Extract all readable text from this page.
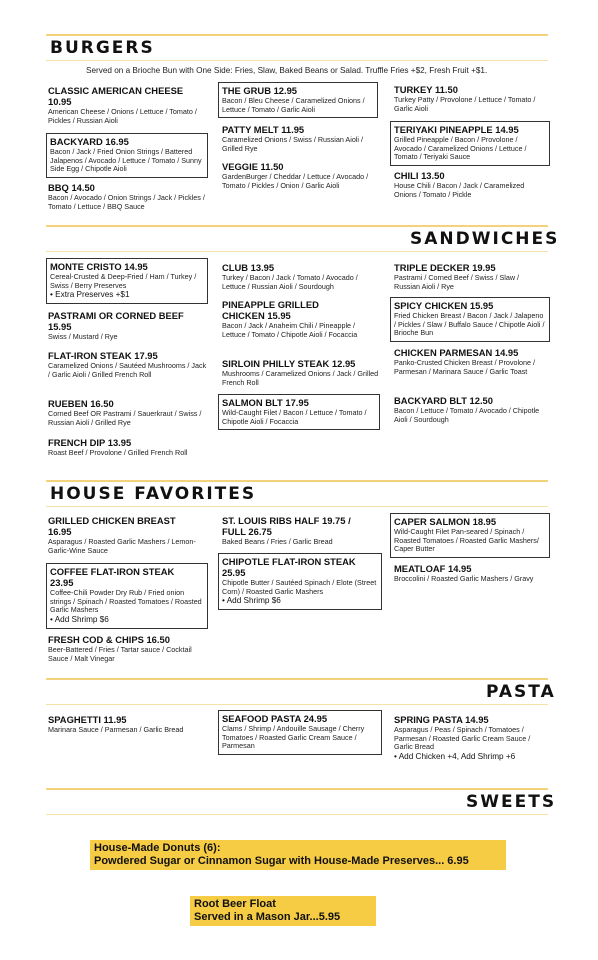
BURGERS
Served on a Brioche Bun with One Side: Fries, Slaw, Baked Beans or Salad. Truffle Fries +$2, Fresh Fruit +$1.
CLASSIC AMERICAN CHEESE
10.95
American Cheese / Onions / Lettuce / Tomato / Pickles / Russian Aioli
BACKYARD 16.95
Bacon / Jack / Fried Onion Strings / Battered Jalapenos / Avocado / Lettuce / Tomato / Sunny Side Egg / Chipotle Aioli
BBQ 14.50
Bacon / Avocado / Onion Strings / Jack / Pickles / Tomato / Lettuce / BBQ Sauce
THE GRUB 12.95
Bacon / Bleu Cheese / Caramelized Onions / Lettuce / Tomato / Garlic Aioli
PATTY MELT 11.95
Caramelized Onions / Swiss / Russian Aioli / Grilled Rye
VEGGIE 11.50
GardenBurger / Cheddar / Lettuce / Avocado / Tomato / Pickles / Onion / Garlic Aioli
TURKEY 11.50
Turkey Patty / Provolone / Lettuce / Tomato / Garlic Aioli
TERIYAKI PINEAPPLE 14.95
Grilled Pineapple / Bacon / Provolone / Avocado / Caramelized Onions / Lettuce / Tomato / Teriyaki Sauce
CHILI 13.50
House Chili / Bacon / Jack / Caramelized Onions / Tomato / Pickle
SANDWICHES
MONTE CRISTO 14.95
Cereal-Crusted & Deep-Fried / Ham / Turkey / Swiss / Berry Preserves
• Extra Preserves +$1
PASTRAMI OR CORNED BEEF
15.95
Swiss / Mustard / Rye
FLAT-IRON STEAK 17.95
Caramelized Onions / Sautéed Mushrooms / Jack / Garlic Aioli / Grilled French Roll
RUEBEN 16.50
Corned Beef OR Pastrami / Sauerkraut / Swiss / Russian Aioli / Grilled Rye
FRENCH DIP 13.95
Roast Beef / Provolone / Grilled French Roll
CLUB 13.95
Turkey / Bacon / Jack / Tomato / Avocado / Lettuce / Russian Aioli / Sourdough
PINEAPPLE GRILLED
CHICKEN 15.95
Bacon / Jack / Anaheim Chili / Pineapple / Lettuce / Tomato / Chipotle Aioli / Focaccia
SIRLOIN PHILLY STEAK 12.95
Mushrooms / Caramelized Onions / Jack / Grilled French Roll
SALMON BLT 17.95
Wild-Caught Filet / Bacon / Lettuce / Tomato / Chipotle Aioli / Focaccia
TRIPLE DECKER 19.95
Pastrami / Corned Beef / Swiss / Slaw / Russian Aioli / Rye
SPICY CHICKEN 15.95
Fried Chicken Breast / Bacon / Jack / Jalapeno / Pickles / Slaw / Buffalo Sauce / Chipotle Aioli / Brioche Bun
CHICKEN PARMESAN 14.95
Panko-Crusted Chicken Breast / Provolone / Parmesan / Marinara Sauce / Garlic Toast
BACKYARD BLT 12.50
Bacon / Lettuce / Tomato / Avocado / Chipotle Aioli / Sourdough
HOUSE FAVORITES
GRILLED CHICKEN BREAST
16.95
Asparagus / Roasted Garlic Mashers / Lemon-Garlic-Wine Sauce
COFFEE FLAT-IRON STEAK
23.95
Coffee-Chili Powder Dry Rub / Fried onion strings / Spinach / Roasted Tomatoes / Roasted Garlic Mashers
• Add Shrimp $6
FRESH COD & CHIPS 16.50
Beer-Battered / Fries / Tartar sauce / Cocktail Sauce / Malt Vinegar
ST. LOUIS RIBS HALF 19.75 /
FULL 26.75
Baked Beans / Fries / Garlic Bread
CHIPOTLE FLAT-IRON STEAK
25.95
Chipotle Butter / Sautéed Spinach / Elote (Street Corn) / Roasted Garlic Mashers
• Add Shrimp $6
CAPER SALMON 18.95
Wild-Caught Filet Pan-seared / Spinach / Roasted Tomatoes / Roasted Garlic Mashers/ Caper Butter
MEATLOAF 14.95
Broccolini / Roasted Garlic Mashers / Gravy
PASTA
SPAGHETTI 11.95
Marinara Sauce / Parmesan / Garlic Bread
SEAFOOD PASTA 24.95
Clams / Shrimp / Andouille Sausage / Cherry Tomatoes / Roasted Garlic Cream Sauce / Parmesan
SPRING PASTA 14.95
Asparagus / Peas / Spinach / Tomatoes / Parmesan / Roasted Garlic Cream Sauce / Garlic Bread
• Add Chicken +4, Add Shrimp +6
SWEETS
House-Made Donuts (6):
Powdered Sugar or Cinnamon Sugar with House-Made Preserves... 6.95
Root Beer Float
Served in a Mason Jar...5.95
